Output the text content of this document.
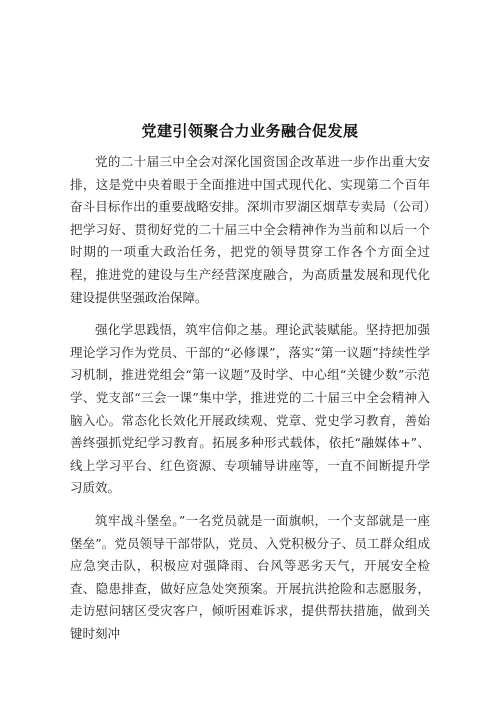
党建引领聚合力业务融合促发展

党的二十届三中全会对深化国资国企改革进一步作出重大安排，这是党中央着眼于全面推进中国式现代化、实现第二个百年奋斗目标作出的重要战略安排。深圳市罗湖区烟草专卖局（公司）把学习好、贯彻好党的二十届三中全会精神作为当前和以后一个时期的一项重大政治任务，把党的领导贯穿工作各个方面全过程，推进党的建设与生产经营深度融合，为高质量发展和现代化建设提供坚强政治保障。

强化学思践悟，筑牢信仰之基。理论武装赋能。坚持把加强理论学习作为党员、干部的“必修课”，落实“第一议题”持续性学习机制，推进党组会“第一议题”及时学、中心组“关键少数”示范学、党支部“三会一课”集中学，推进党的二十届三中全会精神入脑入心。常态化长效化开展政续观、党章、党史学习教育，善始善终强抓党纪学习教育。拓展多种形式载体，依托“融媒体+”、线上学习平台、红色资源、专项辅导讲座等，一直不间断提升学习质效。

筑牢战斗堡垒。”一名党员就是一面旗帜，一个支部就是一座堡垒”。党员领导干部带队，党员、入党积极分子、员工群众组成应急突击队，积极应对强降雨、台风等恶劣天气，开展安全检查、隐患排查，做好应急处突预案。开展抗洪抢险和志愿服务，走访慰问辖区受灾客户，倾听困难诉求，提供帮扶措施，做到关键时刻冲
